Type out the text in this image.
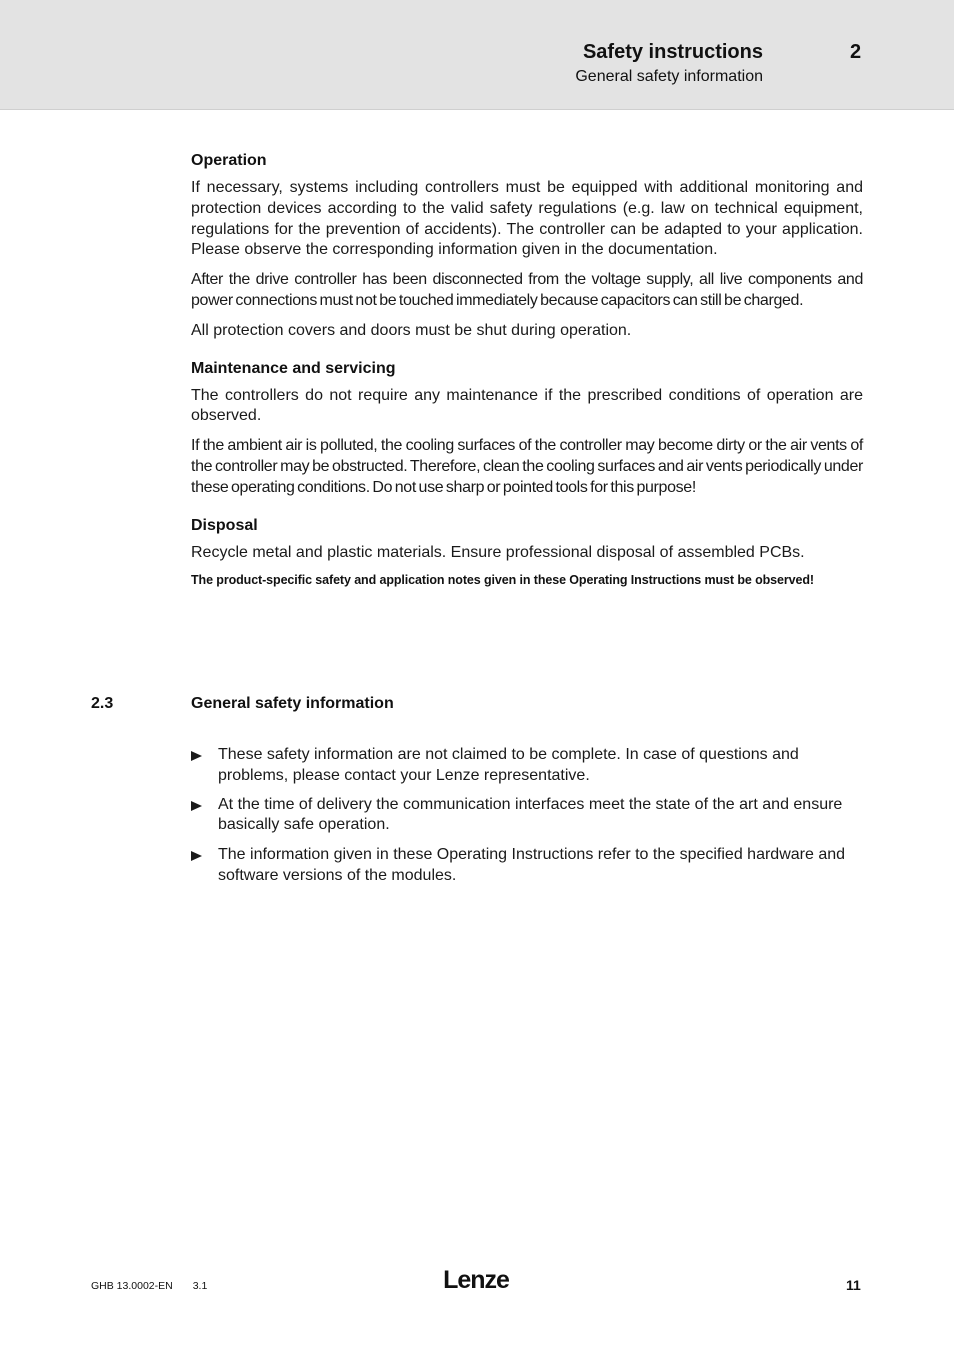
Safety instructions	2
General safety information
Operation

If necessary, systems including controllers must be equipped with additional monitoring and protection devices according to the valid safety regulations (e.g. law on technical equipment, regulations for the prevention of accidents). The controller can be adapted to your application. Please observe the corresponding information given in the documentation.

After the drive controller has been disconnected from the voltage supply, all live components and power connections must not be touched immediately because capacitors can still be charged.

All protection covers and doors must be shut during operation.

Maintenance and servicing

The controllers do not require any maintenance if the prescribed conditions of operation are observed.

If the ambient air is polluted, the cooling surfaces of the controller may become dirty or the air vents of the controller may be obstructed. Therefore, clean the cooling surfaces and air vents periodically under these operating conditions. Do not use sharp or pointed tools for this purpose!

Disposal

Recycle metal and plastic materials. Ensure professional disposal of assembled PCBs.

The product-specific safety and application notes given in these Operating Instructions must be observed!

2.3	General safety information
These safety information are not claimed to be complete. In case of questions and problems, please contact your Lenze representative.
At the time of delivery the communication interfaces meet the state of the art and ensure basically safe operation.
The information given in these Operating Instructions refer to the specified hardware and software versions of the modules.
GHB 13.0002-EN 3.1	Lenze	11
